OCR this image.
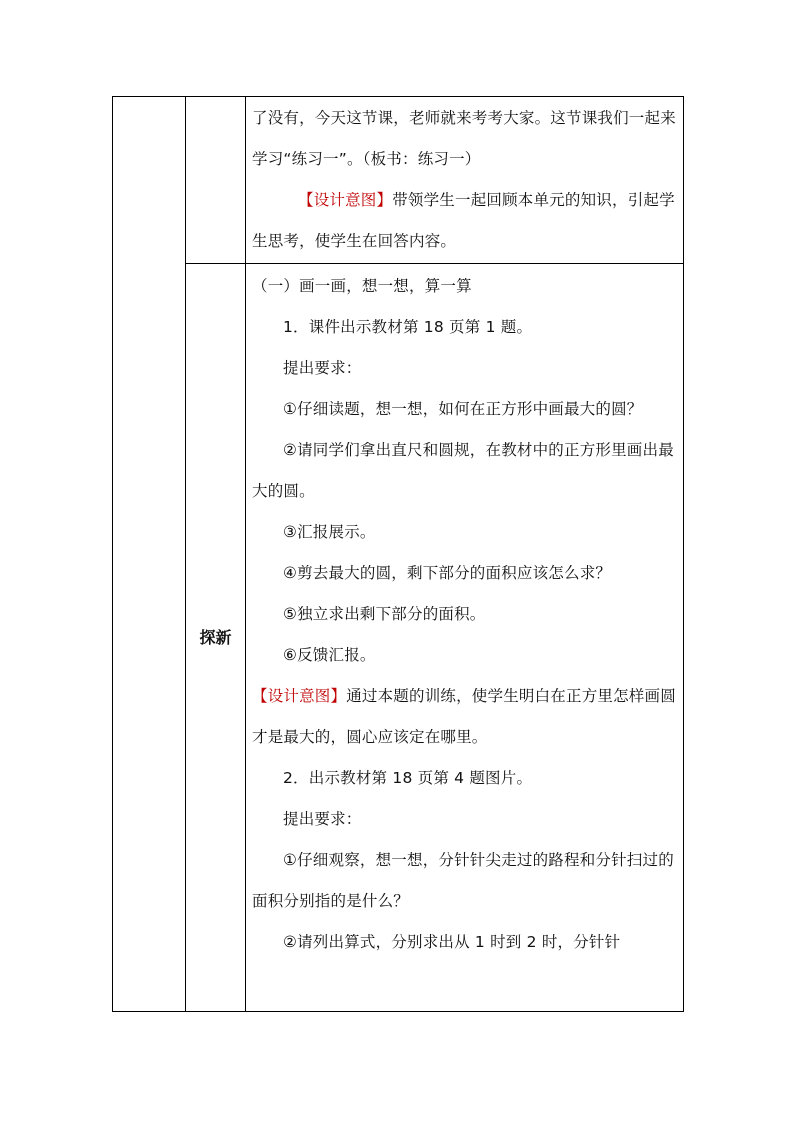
了没有，今天这节课，老师就来考考大家。这节课我们一起来学习“练习一”。（板书：练习一）

【设计意图】带领学生一起回顾本单元的知识，引起学生思考，使学生在回答内容。

探新

（一）画一画，想一想，算一算

1．课件出示教材第 18 页第 1 题。

提出要求：

①仔细读题，想一想，如何在正方形中画最大的圆？

②请同学们拿出直尺和圆规，在教材中的正方形里画出最大的圆。

③汇报展示。

④剪去最大的圆，剩下部分的面积应该怎么求？

⑤独立求出剩下部分的面积。

⑥反馈汇报。

【设计意图】通过本题的训练，使学生明白在正方里怎样画圆才是最大的，圆心应该定在哪里。

2．出示教材第 18 页第 4 题图片。

提出要求：

①仔细观察，想一想，分针针尖走过的路程和分针扫过的面积分别指的是什么？

②请列出算式，分别求出从 1 时到 2 时，分针针
